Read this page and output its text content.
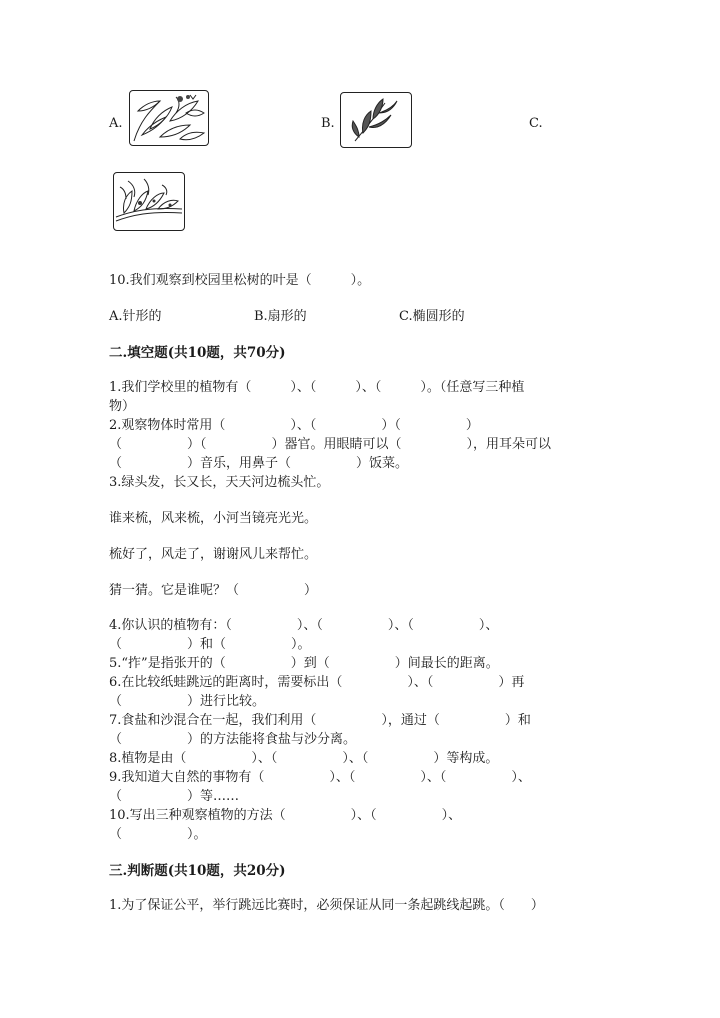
A.	B.	C.
10.我们观察到校园里松树的叶是（　　　）。
A.针形的	B.扇形的	C.椭圆形的
二.填空题(共10题，共70分)
1.我们学校里的植物有（　　　）、（　　　）、（　　　）。（任意写三种植
物）
2.观察物体时常用（　　　　　）、（　　　　　）（　　　　　）
（　　　　　）（　　　　　）器官。用眼睛可以（　　　　　），用耳朵可以
（　　　　　）音乐，用鼻子（　　　　　）饭菜。
3.绿头发，长又长，天天河边梳头忙。
谁来梳，风来梳，小河当镜亮光光。
梳好了，风走了，谢谢风儿来帮忙。
猜一猜。它是谁呢？（　　　　　）
4.你认识的植物有：（　　　　　）、（　　　　　）、（　　　　　）、
（　　　　　）和（　　　　　）。
5.“拃”是指张开的（　　　　　）到（　　　　　）间最长的距离。
6.在比较纸蛙跳远的距离时，需要标出（　　　　　）、（　　　　　）再
（　　　　　）进行比较。
7.食盐和沙混合在一起，我们利用（　　　　　），通过（　　　　　）和
（　　　　　）的方法能将食盐与沙分离。
8.植物是由（　　　　　）、（　　　　　）、（　　　　　）等构成。
9.我知道大自然的事物有（　　　　　）、（　　　　　）、（　　　　　）、
（　　　　　）等……
10.写出三种观察植物的方法（　　　　　）、（　　　　　）、
（　　　　　）。
三.判断题(共10题，共20分)
1.为了保证公平，举行跳远比赛时，必须保证从同一条起跳线起跳。（　　）
